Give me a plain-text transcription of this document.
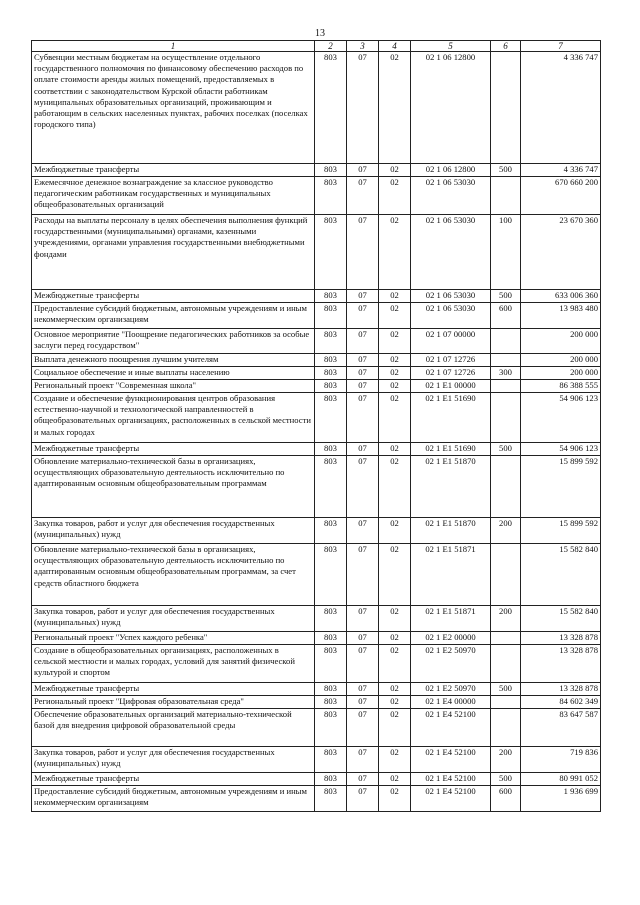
13
1	2	3	4	5	6	7
Субвенции местным бюджетам на осуществление отдельного государственного полномочия по финансовому обеспечению расходов по оплате стоимости аренды жилых помещений, предоставляемых в соответствии с законодательством Курской области работникам муниципальных образовательных организаций, проживающим и работающим в сельских населенных пунктах, рабочих поселках (поселках городского типа)	803	07	02	02 1 06 12800		4 336 747
Межбюджетные трансферты	803	07	02	02 1 06 12800	500	4 336 747
Ежемесячное денежное вознаграждение за классное руководство педагогическим работникам государственных и муниципальных общеобразовательных организаций	803	07	02	02 1 06 53030		670 660 200
Расходы на выплаты персоналу в целях обеспечения выполнения функций государственными (муниципальными) органами, казенными учреждениями, органами управления государственными внебюджетными фондами	803	07	02	02 1 06 53030	100	23 670 360
Межбюджетные трансферты	803	07	02	02 1 06 53030	500	633 006 360
Предоставление субсидий бюджетным, автономным учреждениям и иным некоммерческим организациям	803	07	02	02 1 06 53030	600	13 983 480
Основное мероприятие "Поощрение педагогических работников за особые заслуги перед государством"	803	07	02	02 1 07 00000		200 000
Выплата денежного поощрения лучшим учителям	803	07	02	02 1 07 12726		200 000
Социальное обеспечение и иные выплаты населению	803	07	02	02 1 07 12726	300	200 000
Региональный проект "Современная школа"	803	07	02	02 1 E1 00000		86 388 555
Создание и обеспечение функционирования центров образования естественно-научной и технологической направленностей в общеобразовательных организациях, расположенных в сельской местности и малых городах	803	07	02	02 1 E1 51690		54 906 123
Межбюджетные трансферты	803	07	02	02 1 E1 51690	500	54 906 123
Обновление материально-технической базы в организациях, осуществляющих образовательную деятельность исключительно по адаптированным основным общеобразовательным программам	803	07	02	02 1 E1 51870		15 899 592
Закупка товаров, работ и услуг для обеспечения государственных (муниципальных) нужд	803	07	02	02 1 E1 51870	200	15 899 592
Обновление материально-технической базы в организациях, осуществляющих образовательную деятельность исключительно по адаптированным основным общеобразовательным программам, за счет средств областного бюджета	803	07	02	02 1 E1 51871		15 582 840
Закупка товаров, работ и услуг для обеспечения государственных (муниципальных) нужд	803	07	02	02 1 E1 51871	200	15 582 840
Региональный проект "Успех каждого ребенка"	803	07	02	02 1 E2 00000		13 328 878
Создание в общеобразовательных организациях, расположенных в сельской местности и малых городах, условий для занятий физической культурой и спортом	803	07	02	02 1 E2 50970		13 328 878
Межбюджетные трансферты	803	07	02	02 1 E2 50970	500	13 328 878
Региональный проект "Цифровая образовательная среда"	803	07	02	02 1 E4 00000		84 602 349
Обеспечение образовательных организаций материально-технической базой для внедрения цифровой образовательной среды	803	07	02	02 1 E4 52100		83 647 587
Закупка товаров, работ и услуг для обеспечения государственных (муниципальных) нужд	803	07	02	02 1 E4 52100	200	719 836
Межбюджетные трансферты	803	07	02	02 1 E4 52100	500	80 991 052
Предоставление субсидий бюджетным, автономным учреждениям и иным некоммерческим организациям	803	07	02	02 1 E4 52100	600	1 936 699
